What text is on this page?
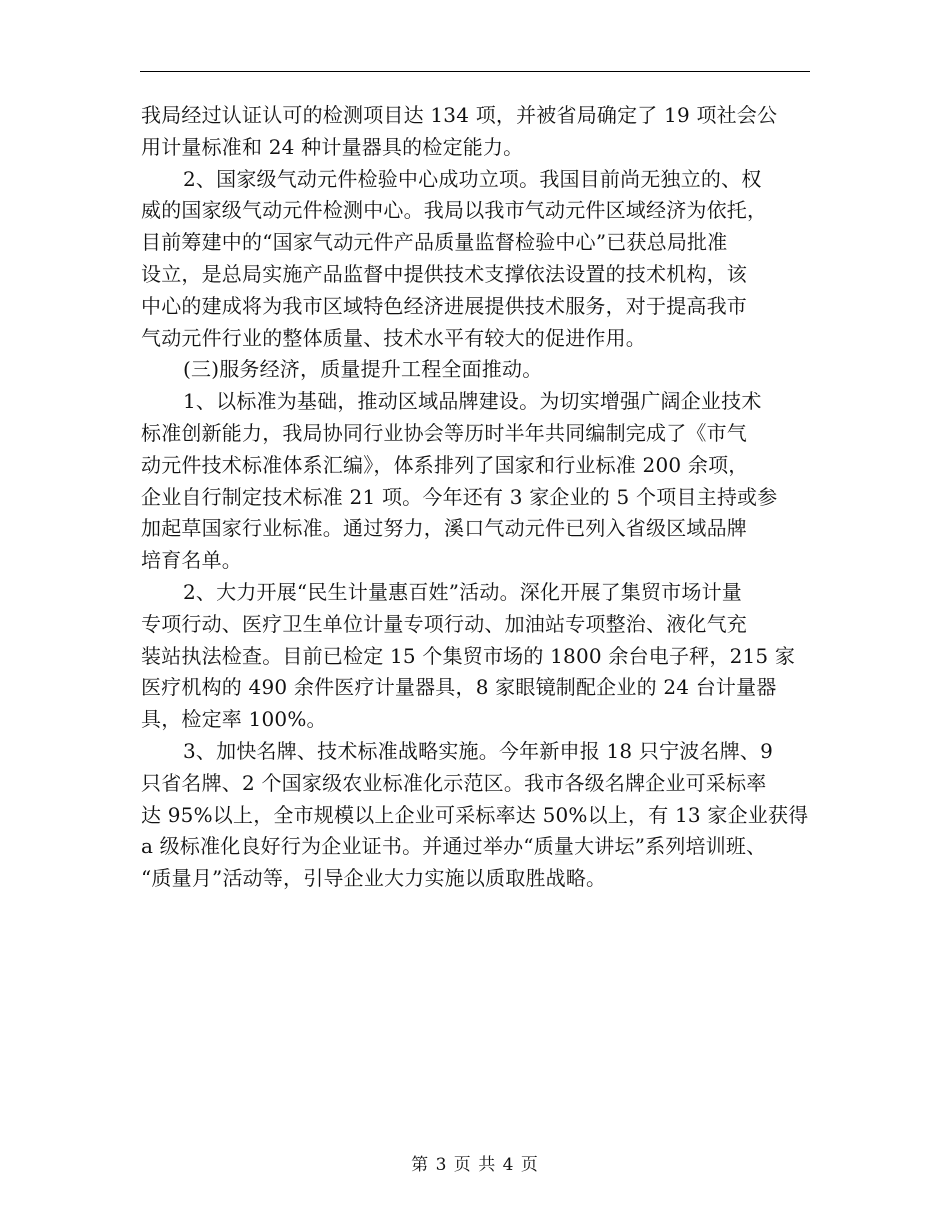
我局经过认证认可的检测项目达 134 项，并被省局确定了 19 项社会公
用计量标准和 24 种计量器具的检定能力。
2、国家级气动元件检验中心成功立项。我国目前尚无独立的、权
威的国家级气动元件检测中心。我局以我市气动元件区域经济为依托，
目前筹建中的“国家气动元件产品质量监督检验中心”已获总局批准
设立，是总局实施产品监督中提供技术支撑依法设置的技术机构，该
中心的建成将为我市区域特色经济进展提供技术服务，对于提高我市
气动元件行业的整体质量、技术水平有较大的促进作用。
(三)服务经济，质量提升工程全面推动。
1、以标准为基础，推动区域品牌建设。为切实增强广阔企业技术
标准创新能力，我局协同行业协会等历时半年共同编制完成了《市气
动元件技术标准体系汇编》，体系排列了国家和行业标准 200 余项，
企业自行制定技术标准 21 项。今年还有 3 家企业的 5 个项目主持或参
加起草国家行业标准。通过努力，溪口气动元件已列入省级区域品牌
培育名单。
2、大力开展“民生计量惠百姓”活动。深化开展了集贸市场计量
专项行动、医疗卫生单位计量专项行动、加油站专项整治、液化气充
装站执法检查。目前已检定 15 个集贸市场的 1800 余台电子秤，215 家
医疗机构的 490 余件医疗计量器具，8 家眼镜制配企业的 24 台计量器
具，检定率 100%。
3、加快名牌、技术标准战略实施。今年新申报 18 只宁波名牌、9
只省名牌、2 个国家级农业标准化示范区。我市各级名牌企业可采标率
达 95%以上，全市规模以上企业可采标率达 50%以上，有 13 家企业获得
a 级标准化良好行为企业证书。并通过举办“质量大讲坛”系列培训班、
“质量月”活动等，引导企业大力实施以质取胜战略。
第 3 页 共 4 页
